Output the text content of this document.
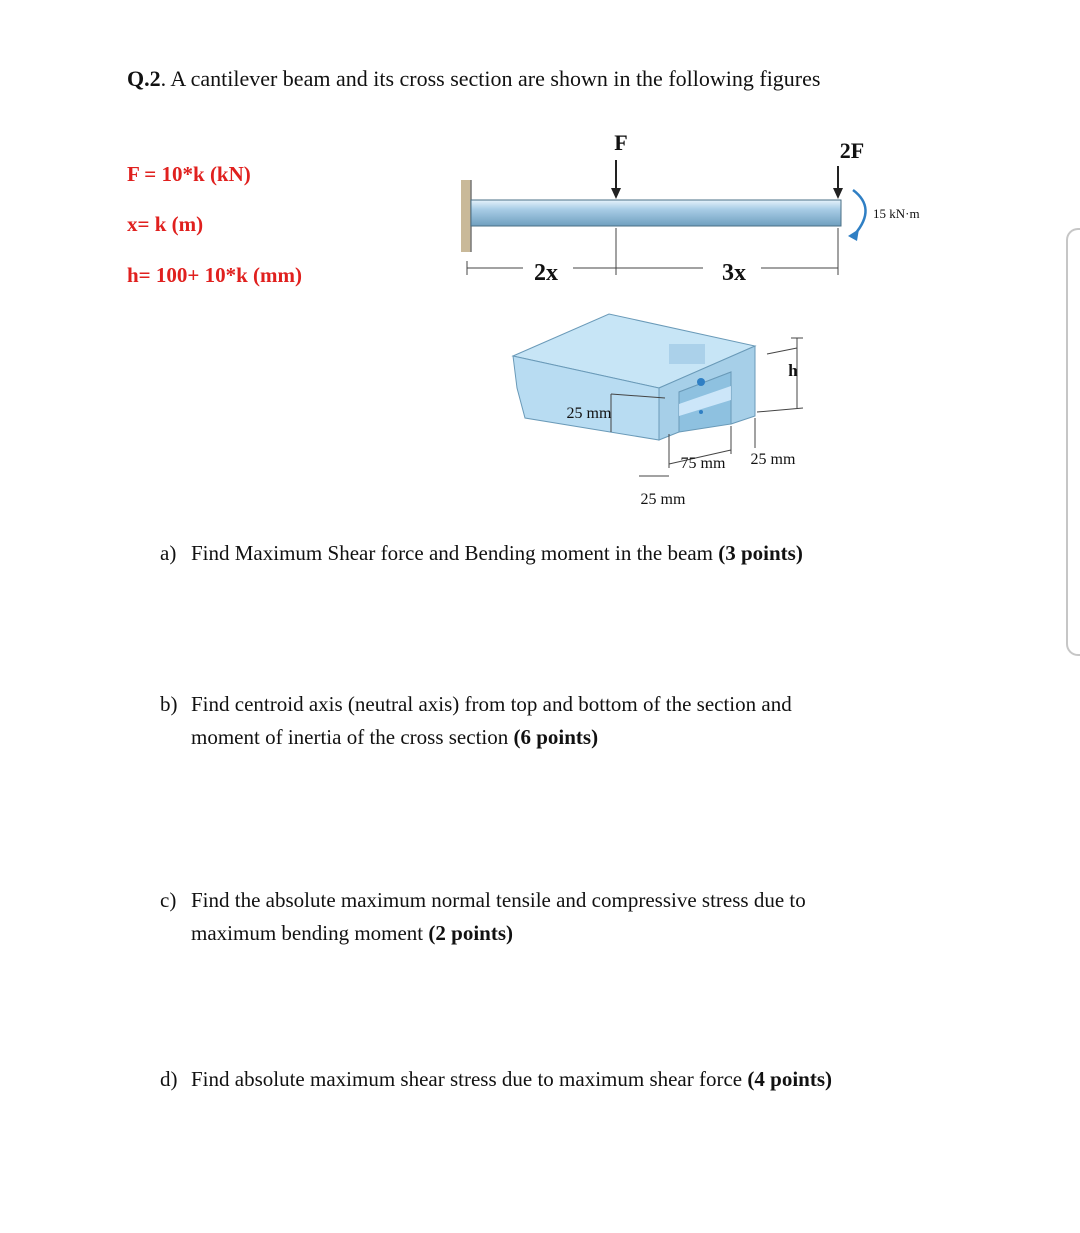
Q.2. A cantilever beam and its cross section are shown in the following figures
F = 10*k (kN)
x= k (m)
h= 100+ 10*k (mm)
F	2F
15 kN·m
2x	3x
h
25 mm
75 mm 25 mm
25 mm
a) Find Maximum Shear force and Bending moment in the beam (3 points)
b) Find centroid axis (neutral axis) from top and bottom of the section and
moment of inertia of the cross section (6 points)
c) Find the absolute maximum normal tensile and compressive stress due to
maximum bending moment (2 points)
d) Find absolute maximum shear stress due to maximum shear force (4 points)
